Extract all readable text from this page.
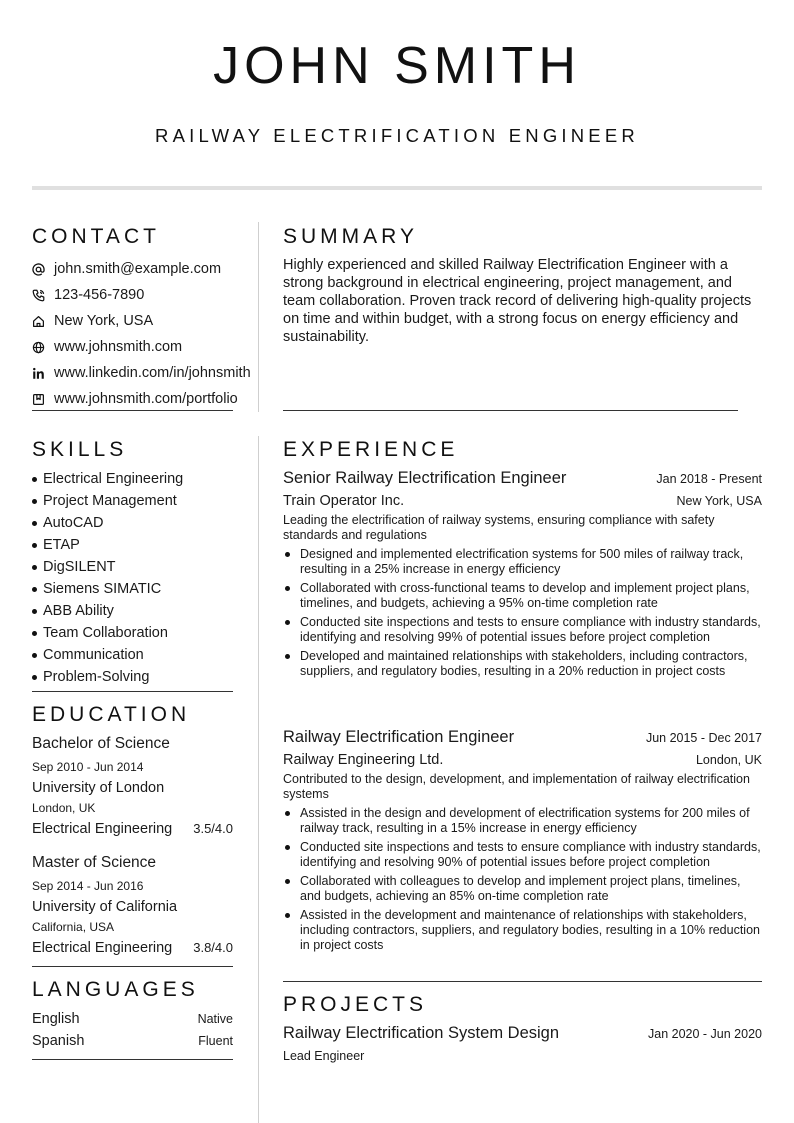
JOHN SMITH
RAILWAY ELECTRIFICATION ENGINEER
CONTACT
john.smith@example.com
123-456-7890
New York, USA
www.johnsmith.com
www.linkedin.com/in/johnsmith
www.johnsmith.com/portfolio
SUMMARY
Highly experienced and skilled Railway Electrification Engineer with a strong background in electrical engineering, project management, and team collaboration. Proven track record of delivering high-quality projects on time and within budget, with a strong focus on energy efficiency and sustainability.
SKILLS
Electrical Engineering
Project Management
AutoCAD
ETAP
DigSILENT
Siemens SIMATIC
ABB Ability
Team Collaboration
Communication
Problem-Solving
EDUCATION
Bachelor of Science
Sep 2010 - Jun 2014
University of London
London, UK
Electrical Engineering 3.5/4.0
Master of Science
Sep 2014 - Jun 2016
University of California
California, USA
Electrical Engineering 3.8/4.0
LANGUAGES
English	Native
Spanish	Fluent
EXPERIENCE
Senior Railway Electrification Engineer	Jan 2018 - Present
Train Operator Inc.	New York, USA
Leading the electrification of railway systems, ensuring compliance with safety standards and regulations
Designed and implemented electrification systems for 500 miles of railway track, resulting in a 25% increase in energy efficiency
Collaborated with cross-functional teams to develop and implement project plans, timelines, and budgets, achieving a 95% on-time completion rate
Conducted site inspections and tests to ensure compliance with industry standards, identifying and resolving 99% of potential issues before project completion
Developed and maintained relationships with stakeholders, including contractors, suppliers, and regulatory bodies, resulting in a 20% reduction in project costs
Railway Electrification Engineer	Jun 2015 - Dec 2017
Railway Engineering Ltd.	London, UK
Contributed to the design, development, and implementation of railway electrification systems
Assisted in the design and development of electrification systems for 200 miles of railway track, resulting in a 15% increase in energy efficiency
Conducted site inspections and tests to ensure compliance with industry standards, identifying and resolving 90% of potential issues before project completion
Collaborated with colleagues to develop and implement project plans, timelines, and budgets, achieving an 85% on-time completion rate
Assisted in the development and maintenance of relationships with stakeholders, including contractors, suppliers, and regulatory bodies, resulting in a 10% reduction in project costs
PROJECTS
Railway Electrification System Design	Jan 2020 - Jun 2020
Lead Engineer
